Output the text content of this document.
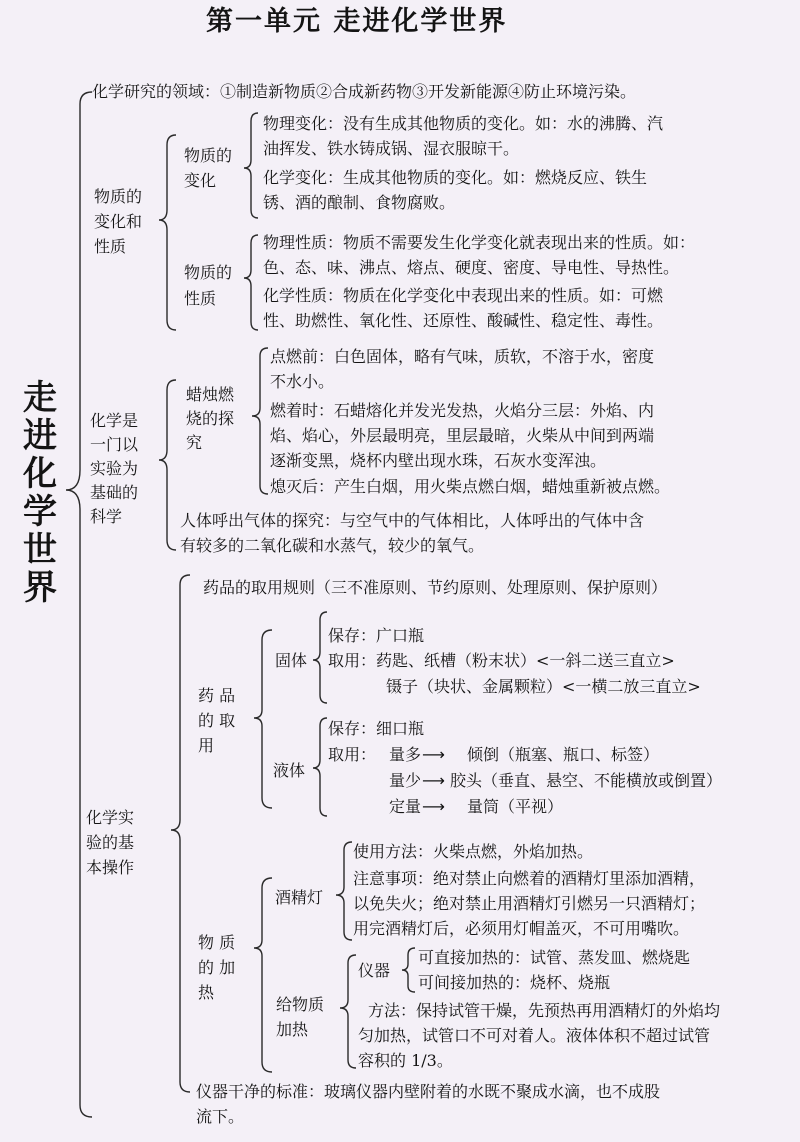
第一单元 走进化学世界
走
进
化
学
世
界
化学研究的领域：①制造新物质②合成新药物③开发新能源④防止环境污染。
物质的
变化和
性质
物质的
变化
物理变化：没有生成其他物质的变化。如：水的沸腾、汽
油挥发、铁水铸成锅、湿衣服晾干。
化学变化：生成其他物质的变化。如：燃烧反应、铁生
锈、酒的酿制、食物腐败。
物质的
性质
物理性质：物质不需要发生化学变化就表现出来的性质。如：
色、态、味、沸点、熔点、硬度、密度、导电性、导热性。
化学性质：物质在化学变化中表现出来的性质。如：可燃
性、助燃性、氧化性、还原性、酸碱性、稳定性、毒性。
化学是
一门以
实验为
基础的
科学
蜡烛燃
烧的探
究
点燃前：白色固体，略有气味，质软，不溶于水，密度
不水小。
燃着时：石蜡熔化并发光发热，火焰分三层：外焰、内
焰、焰心，外层最明亮，里层最暗，火柴从中间到两端
逐渐变黑，烧杯内壁出现水珠，石灰水变浑浊。
熄灭后：产生白烟，用火柴点燃白烟，蜡烛重新被点燃。
人体呼出气体的探究：与空气中的气体相比，人体呼出的气体中含
有较多的二氧化碳和水蒸气，较少的氧气。
化学实
验的基
本操作
药品的取用规则（三不准原则、节约原则、处理原则、保护原则）
药 品
的 取
用
固体
保存：广口瓶
取用：药匙、纸槽（粉末状）<一斜二送三直立>
镊子（块状、金属颗粒）<一横二放三直立>
液体
保存：细口瓶
取用： 量多 ⟶ 倾倒（瓶塞、瓶口、标签）
量少 ⟶ 胶头（垂直、悬空、不能横放或倒置）
定量 ⟶ 量筒（平视）
物 质
的 加
热
酒精灯
使用方法：火柴点燃，外焰加热。
注意事项：绝对禁止向燃着的酒精灯里添加酒精，
以免失火；绝对禁止用酒精灯引燃另一只酒精灯；
用完酒精灯后，必须用灯帽盖灭，不可用嘴吹。
给物质
加热
仪器
可直接加热的：试管、蒸发皿、燃烧匙
可间接加热的：烧杯、烧瓶
方法：保持试管干燥，先预热再用酒精灯的外焰均
匀加热，试管口不可对着人。液体体积不超过试管
容积的 1/3。
仪器干净的标准：玻璃仪器内壁附着的水既不聚成水滴，也不成股
流下。
